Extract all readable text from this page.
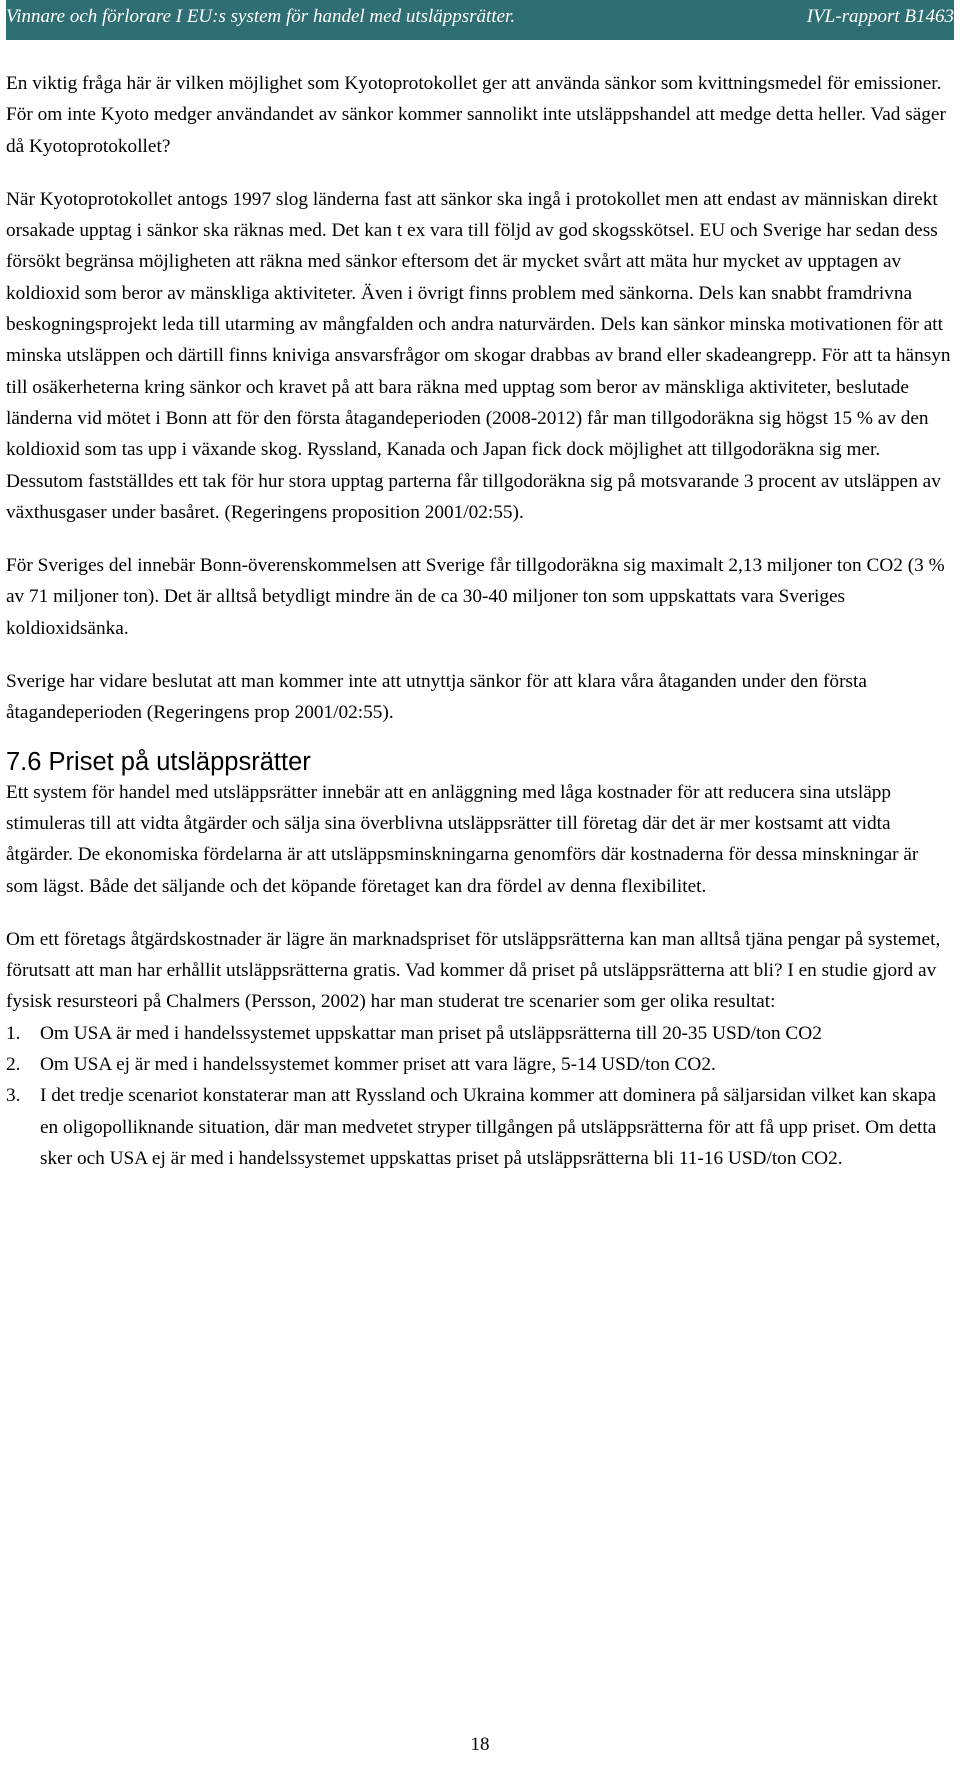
Vinnare och förlorare I EU:s system för handel med utsläppsrätter.	IVL-rapport B1463

En viktig fråga här är vilken möjlighet som Kyotoprotokollet ger att använda sänkor som kvittningsmedel för emissioner. För om inte Kyoto medger användandet av sänkor kommer sannolikt inte utsläppshandel att medge detta heller. Vad säger då Kyotoprotokollet?

När Kyotoprotokollet antogs 1997 slog länderna fast att sänkor ska ingå i protokollet men att endast av människan direkt orsakade upptag i sänkor ska räknas med. Det kan t ex vara till följd av god skogsskötsel. EU och Sverige har sedan dess försökt begränsa möjligheten att räkna med sänkor eftersom det är mycket svårt att mäta hur mycket av upptagen av koldioxid som beror av mänskliga aktiviteter. Även i övrigt finns problem med sänkorna. Dels kan snabbt framdrivna beskogningsprojekt leda till utarming av mångfalden och andra naturvärden. Dels kan sänkor minska motivationen för att minska utsläppen och därtill finns kniviga ansvarsfrågor om skogar drabbas av brand eller skadeangrepp. För att ta hänsyn till osäkerheterna kring sänkor och kravet på att bara räkna med upptag som beror av mänskliga aktiviteter, beslutade länderna vid mötet i Bonn att för den första åtagandeperioden (2008-2012) får man tillgodoräkna sig högst 15 % av den koldioxid som tas upp i växande skog. Ryssland, Kanada och Japan fick dock möjlighet att tillgodoräkna sig mer. Dessutom fastställdes ett tak för hur stora upptag parterna får tillgodoräkna sig på motsvarande 3 procent av utsläppen av växthusgaser under basåret. (Regeringens proposition 2001/02:55).

För Sveriges del innebär Bonn-överenskommelsen att Sverige får tillgodoräkna sig maximalt 2,13 miljoner ton CO2 (3 % av 71 miljoner ton). Det är alltså betydligt mindre än de ca 30-40 miljoner ton som uppskattats vara Sveriges koldioxidsänka.

Sverige har vidare beslutat att man kommer inte att utnyttja sänkor för att klara våra åtaganden under den första åtagandeperioden (Regeringens prop 2001/02:55).

7.6 Priset på utsläppsrätter

Ett system för handel med utsläppsrätter innebär att en anläggning med låga kostnader för att reducera sina utsläpp stimuleras till att vidta åtgärder och sälja sina överblivna utsläppsrätter till företag där det är mer kostsamt att vidta åtgärder. De ekonomiska fördelarna är att utsläppsminskningarna genomförs där kostnaderna för dessa minskningar är som lägst. Både det säljande och det köpande företaget kan dra fördel av denna flexibilitet.

Om ett företags åtgärdskostnader är lägre än marknadspriset för utsläppsrätterna kan man alltså tjäna pengar på systemet, förutsatt att man har erhållit utsläppsrätterna gratis. Vad kommer då priset på utsläppsrätterna att bli? I en studie gjord av fysisk resursteori på Chalmers (Persson, 2002) har man studerat tre scenarier som ger olika resultat:

1. Om USA är med i handelssystemet uppskattar man priset på utsläppsrätterna till 20-35 USD/ton CO2
2. Om USA ej är med i handelssystemet kommer priset att vara lägre, 5-14 USD/ton CO2.
3. I det tredje scenariot konstaterar man att Ryssland och Ukraina kommer att dominera på säljarsidan vilket kan skapa en oligopolliknande situation, där man medvetet stryper tillgången på utsläppsrätterna för att få upp priset. Om detta sker och USA ej är med i handelssystemet uppskattas priset på utsläppsrätterna bli 11-16 USD/ton CO2.
18
